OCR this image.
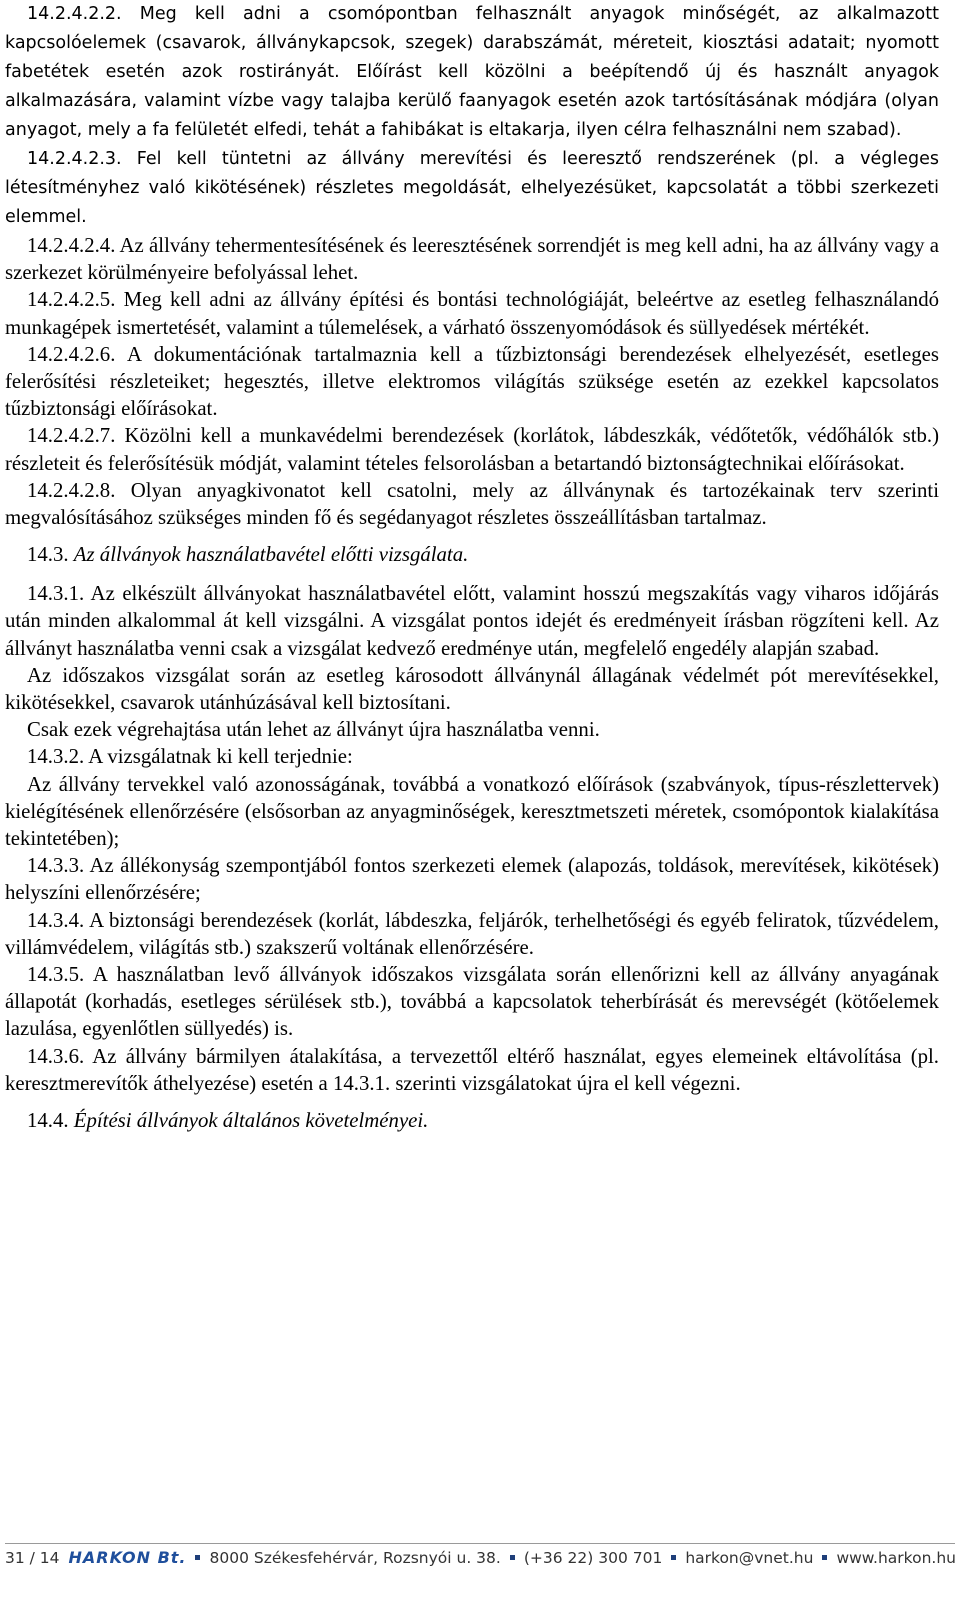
14.2.4.2.2. Meg kell adni a csomópontban felhasznált anyagok minőségét, az alkalmazott kapcsolóelemek (csavarok, állványkapcsok, szegek) darabszámát, méreteit, kiosztási adatait; nyomott fabetétek esetén azok rostirányát. Előírást kell közölni a beépítendő új és használt anyagok alkalmazására, valamint vízbe vagy talajba kerülő faanyagok esetén azok tartósításának módjára (olyan anyagot, mely a fa felületét elfedi, tehát a fahibákat is eltakarja, ilyen célra felhasználni nem szabad).

14.2.4.2.3. Fel kell tüntetni az állvány merevítési és leeresztő rendszerének (pl. a végleges létesítményhez való kikötésének) részletes megoldását, elhelyezésüket, kapcsolatát a többi szerkezeti elemmel.

14.2.4.2.4. Az állvány tehermentesítésének és leeresztésének sorrendjét is meg kell adni, ha az állvány vagy a szerkezet körülményeire befolyással lehet.

14.2.4.2.5. Meg kell adni az állvány építési és bontási technológiáját, beleértve az esetleg felhasználandó munkagépek ismertetését, valamint a túlemelések, a várható összenyomódások és süllyedések mértékét.

14.2.4.2.6. A dokumentációnak tartalmaznia kell a tűzbiztonsági berendezések elhelyezését, esetleges felerősítési részleteiket; hegesztés, illetve elektromos világítás szüksége esetén az ezekkel kapcsolatos tűzbiztonsági előírásokat.

14.2.4.2.7. Közölni kell a munkavédelmi berendezések (korlátok, lábdeszkák, védőtetők, védőhálók stb.) részleteit és felerősítésük módját, valamint tételes felsorolásban a betartandó biztonságtechnikai előírásokat.

14.2.4.2.8. Olyan anyagkivonatot kell csatolni, mely az állványnak és tartozékainak terv szerinti megvalósításához szükséges minden fő és segédanyagot részletes összeállításban tartalmaz.

14.3. Az állványok használatbavétel előtti vizsgálata.

14.3.1. Az elkészült állványokat használatbavétel előtt, valamint hosszú megszakítás vagy viharos időjárás után minden alkalommal át kell vizsgálni. A vizsgálat pontos idejét és eredményeit írásban rögzíteni kell. Az állványt használatba venni csak a vizsgálat kedvező eredménye után, megfelelő engedély alapján szabad.

Az időszakos vizsgálat során az esetleg károsodott állványnál állagának védelmét pót merevítésekkel, kikötésekkel, csavarok utánhúzásával kell biztosítani.

Csak ezek végrehajtása után lehet az állványt újra használatba venni.

14.3.2. A vizsgálatnak ki kell terjednie:

Az állvány tervekkel való azonosságának, továbbá a vonatkozó előírások (szabványok, típus-részlettervek) kielégítésének ellenőrzésére (elsősorban az anyagminőségek, keresztmetszeti méretek, csomópontok kialakítása tekintetében);

14.3.3. Az állékonyság szempontjából fontos szerkezeti elemek (alapozás, toldások, merevítések, kikötések) helyszíni ellenőrzésére;

14.3.4. A biztonsági berendezések (korlát, lábdeszka, feljárók, terhelhetőségi és egyéb feliratok, tűzvédelem, villámvédelem, világítás stb.) szakszerű voltának ellenőrzésére.

14.3.5. A használatban levő állványok időszakos vizsgálata során ellenőrizni kell az állvány anyagának állapotát (korhadás, esetleges sérülések stb.), továbbá a kapcsolatok teherbírását és merevségét (kötőelemek lazulása, egyenlőtlen süllyedés) is.

14.3.6. Az állvány bármilyen átalakítása, a tervezettől eltérő használat, egyes elemeinek eltávolítása (pl. keresztmerevítők áthelyezése) esetén a 14.3.1. szerinti vizsgálatokat újra el kell végezni.

14.4. Építési állványok általános követelményei.

31 / 14 HARKON Bt. 8000 Székesfehérvár, Rozsnyói u. 38. (+36 22) 300 701 harkon@vnet.hu www.harkon.hu
